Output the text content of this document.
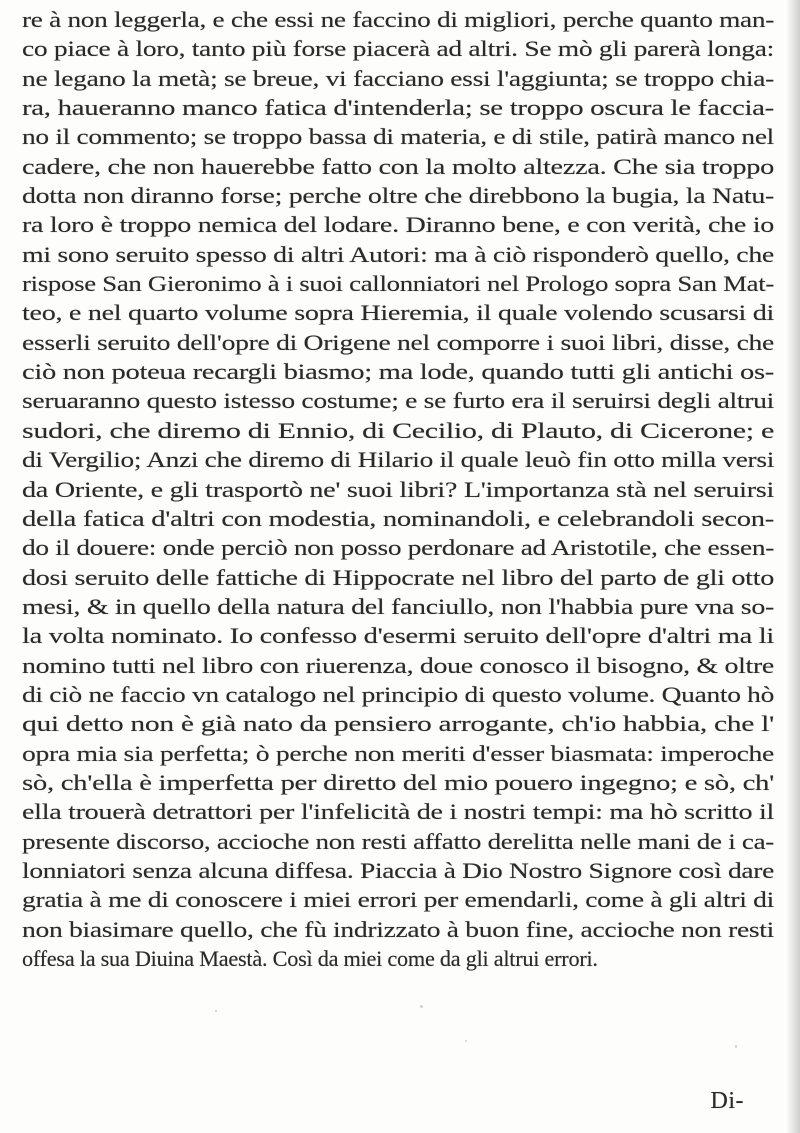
re à non leggerla, e che essi ne faccino di migliori, perche quanto man-
co piace à loro, tanto più forse piacerà ad altri. Se mò gli parerà longa:
ne legano la metà; se breue, vi facciano essi l'aggiunta; se troppo chia-
ra, haueranno manco fatica d'intenderla; se troppo oscura le faccia-
no il commento; se troppo bassa di materia, e di stile, patirà manco nel
cadere, che non hauerebbe fatto con la molto altezza. Che sia troppo
dotta non diranno forse; perche oltre che direbbono la bugia, la Natu-
ra loro è troppo nemica del lodare. Diranno bene, e con verità, che io
mi sono seruito spesso di altri Autori: ma à ciò risponderò quello, che
rispose San Gieronimo à i suoi callonniatori nel Prologo sopra San Mat-
teo, e nel quarto volume sopra Hieremia, il quale volendo scusarsi di
esserli seruito dell'opre di Origene nel comporre i suoi libri, disse, che
ciò non poteua recargli biasmo; ma lode, quando tutti gli antichi os-
seruaranno questo istesso costume; e se furto era il seruirsi degli altrui
sudori, che diremo di Ennio, di Cecilio, di Plauto, di Cicerone; e
di Vergilio; Anzi che diremo di Hilario il quale leuò fin otto milla versi
da Oriente, e gli trasportò ne' suoi libri? L'importanza stà nel seruirsi
della fatica d'altri con modestia, nominandoli, e celebrandoli secon-
do il douere: onde perciò non posso perdonare ad Aristotile, che essen-
dosi seruito delle fattiche di Hippocrate nel libro del parto de gli otto
mesi, & in quello della natura del fanciullo, non l'habbia pure vna so-
la volta nominato. Io confesso d'esermi seruito dell'opre d'altri ma li
nomino tutti nel libro con riuerenza, doue conosco il bisogno, & oltre
di ciò ne faccio vn catalogo nel principio di questo volume. Quanto hò
qui detto non è già nato da pensiero arrogante, ch'io habbia, che l'
opra mia sia perfetta; ò perche non meriti d'esser biasmata: imperoche
sò, ch'ella è imperfetta per diretto del mio pouero ingegno; e sò, ch'
ella trouerà detrattori per l'infelicità de i nostri tempi: ma hò scritto il
presente discorso, accioche non resti affatto derelitta nelle mani de i ca-
lonniatori senza alcuna diffesa. Piaccia à Dio Nostro Signore così dare
gratia à me di conoscere i miei errori per emendarli, come à gli altri di
non biasimare quello, che fù indrizzato à buon fine, accioche non resti
offesa la sua Diuina Maestà. Così da miei come da gli altrui errori.
Di-
